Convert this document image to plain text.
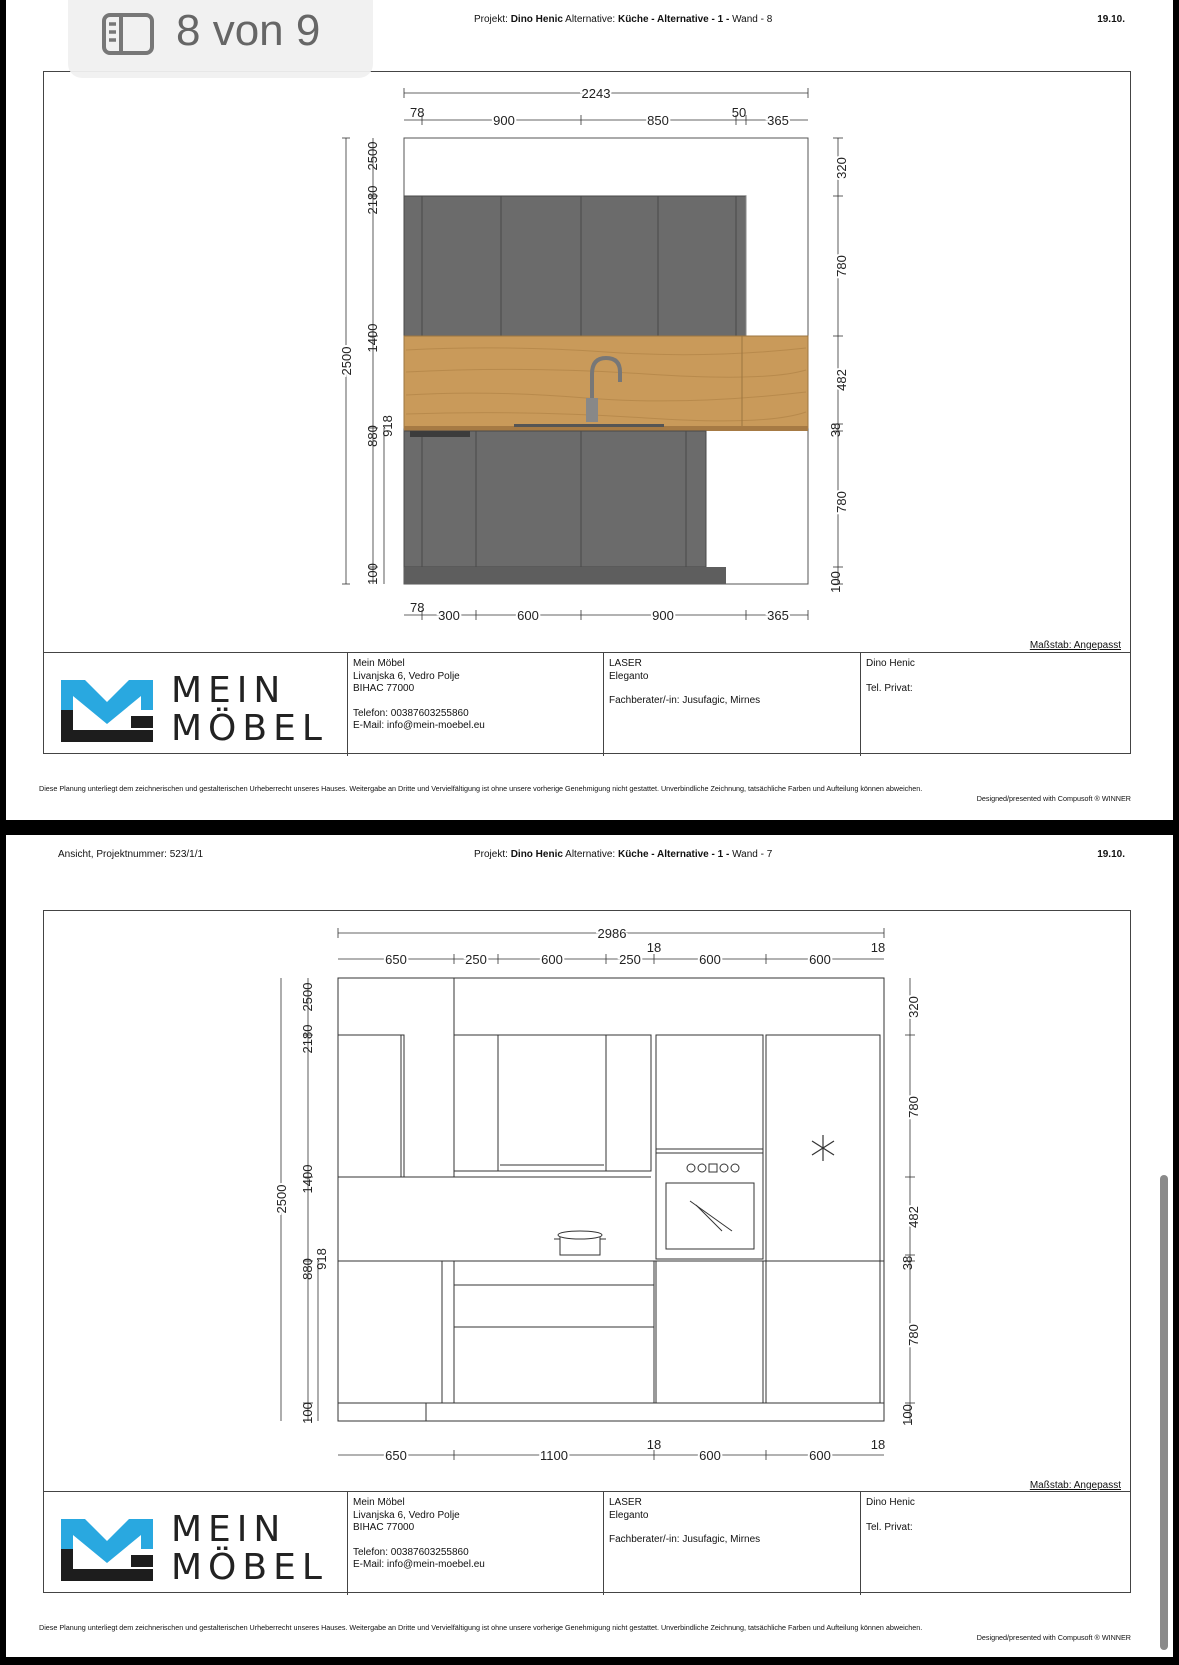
8 von 9	Projekt: Dino Henic Alternative: Küche - Alternative - 1 - Wand - 8	19.10.
2243
78
900	850
50
365
78
300	600	900	365
2500
2180
1400
2500
880 918
100
320
780
482
38
780
100
Maßstab: Angepasst
MEIN
MÖBEL
Mein Möbel
Livanjska 6, Vedro Polje
BIHAC 77000
Telefon: 00387603255860
E-Mail: info@mein-moebel.eu
LASER
Eleganto
Fachberater/-in: Jusufagic, Mirnes
Dino Henic
Tel. Privat:
Diese Planung unterliegt dem zeichnerischen und gestalterischen Urheberrecht unseres Hauses. Weitergabe an Dritte und Vervielfältigung ist ohne unsere vorherige Genehmigung nicht gestattet. Unverbindliche Zeichnung, tatsächliche Farben und Aufteilung können abweichen.
Designed/presented with Compusoft ® WINNER
Ansicht, Projektnummer: 523/1/1	Projekt: Dino Henic Alternative: Küche - Alternative - 1 - Wand - 7	19.10.
2986
650	250	600	250
18
600	600
18
650	1100
18
600	600
18
2500
2180
1400
2500
880 918
100
320
780
482
38
780
100
Maßstab: Angepasst
MEIN
MÖBEL
Mein Möbel
Livanjska 6, Vedro Polje
BIHAC 77000
Telefon: 00387603255860
E-Mail: info@mein-moebel.eu
LASER
Eleganto
Fachberater/-in: Jusufagic, Mirnes
Dino Henic
Tel. Privat:
Diese Planung unterliegt dem zeichnerischen und gestalterischen Urheberrecht unseres Hauses. Weitergabe an Dritte und Vervielfältigung ist ohne unsere vorherige Genehmigung nicht gestattet. Unverbindliche Zeichnung, tatsächliche Farben und Aufteilung können abweichen.
Designed/presented with Compusoft ® WINNER
